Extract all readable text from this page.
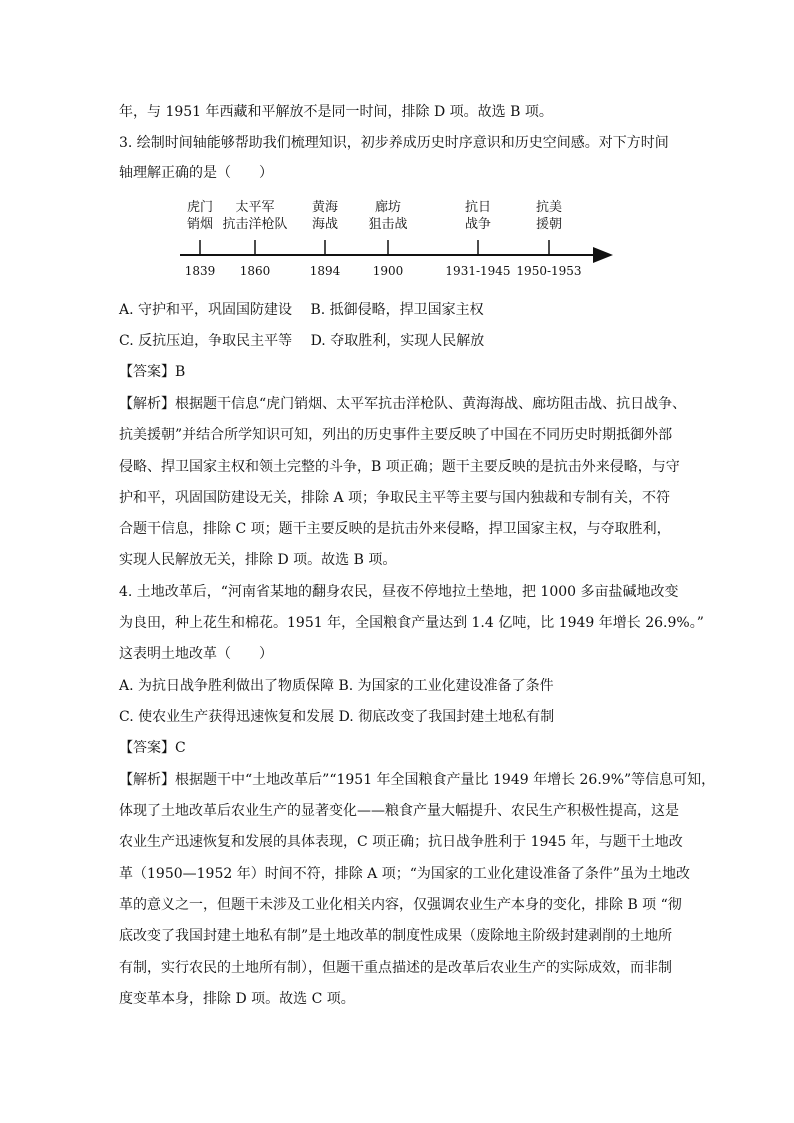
年，与 1951 年西藏和平解放不是同一时间，排除 D 项。故选 B 项。
3. 绘制时间轴能够帮助我们梳理知识，初步养成历史时序意识和历史空间感。对下方时间
轴理解正确的是（　　）
虎门
销烟
1839
太平军
抗击洋枪队
1860
黄海
海战
1894
廊坊
狙击战
1900
抗日
战争
1931-1945
抗美
援朝
1950-1953
A. 守护和平，巩固国防建设　 B. 抵御侵略，捍卫国家主权
C. 反抗压迫，争取民主平等　 D. 夺取胜利，实现人民解放
【答案】B
【解析】根据题干信息“虎门销烟、太平军抗击洋枪队、黄海海战、廊坊阻击战、抗日战争、
抗美援朝”并结合所学知识可知，列出的历史事件主要反映了中国在不同历史时期抵御外部
侵略、捍卫国家主权和领土完整的斗争，B 项正确；题干主要反映的是抗击外来侵略，与守
护和平，巩固国防建设无关，排除 A 项；争取民主平等主要与国内独裁和专制有关，不符
合题干信息，排除 C 项；题干主要反映的是抗击外来侵略，捍卫国家主权，与夺取胜利，
实现人民解放无关，排除 D 项。故选 B 项。
4. 土地改革后，“河南省某地的翻身农民，昼夜不停地拉土垫地，把 1000 多亩盐碱地改变
为良田，种上花生和棉花。1951 年，全国粮食产量达到 1.4 亿吨，比 1949 年增长 26.9%。”
这表明土地改革（　　）
A. 为抗日战争胜利做出了物质保障 B. 为国家的工业化建设准备了条件
C. 使农业生产获得迅速恢复和发展 D. 彻底改变了我国封建土地私有制
【答案】C
【解析】根据题干中“土地改革后”“1951 年全国粮食产量比 1949 年增长 26.9%”等信息可知，
体现了土地改革后农业生产的显著变化——粮食产量大幅提升、农民生产积极性提高，这是
农业生产迅速恢复和发展的具体表现，C 项正确；抗日战争胜利于 1945 年，与题干土地改
革（1950—1952 年）时间不符，排除 A 项；“为国家的工业化建设准备了条件”虽为土地改
革的意义之一，但题干未涉及工业化相关内容，仅强调农业生产本身的变化，排除 B 项 “彻
底改变了我国封建土地私有制”是土地改革的制度性成果（废除地主阶级封建剥削的土地所
有制，实行农民的土地所有制），但题干重点描述的是改革后农业生产的实际成效，而非制
度变革本身，排除 D 项。故选 C 项。
